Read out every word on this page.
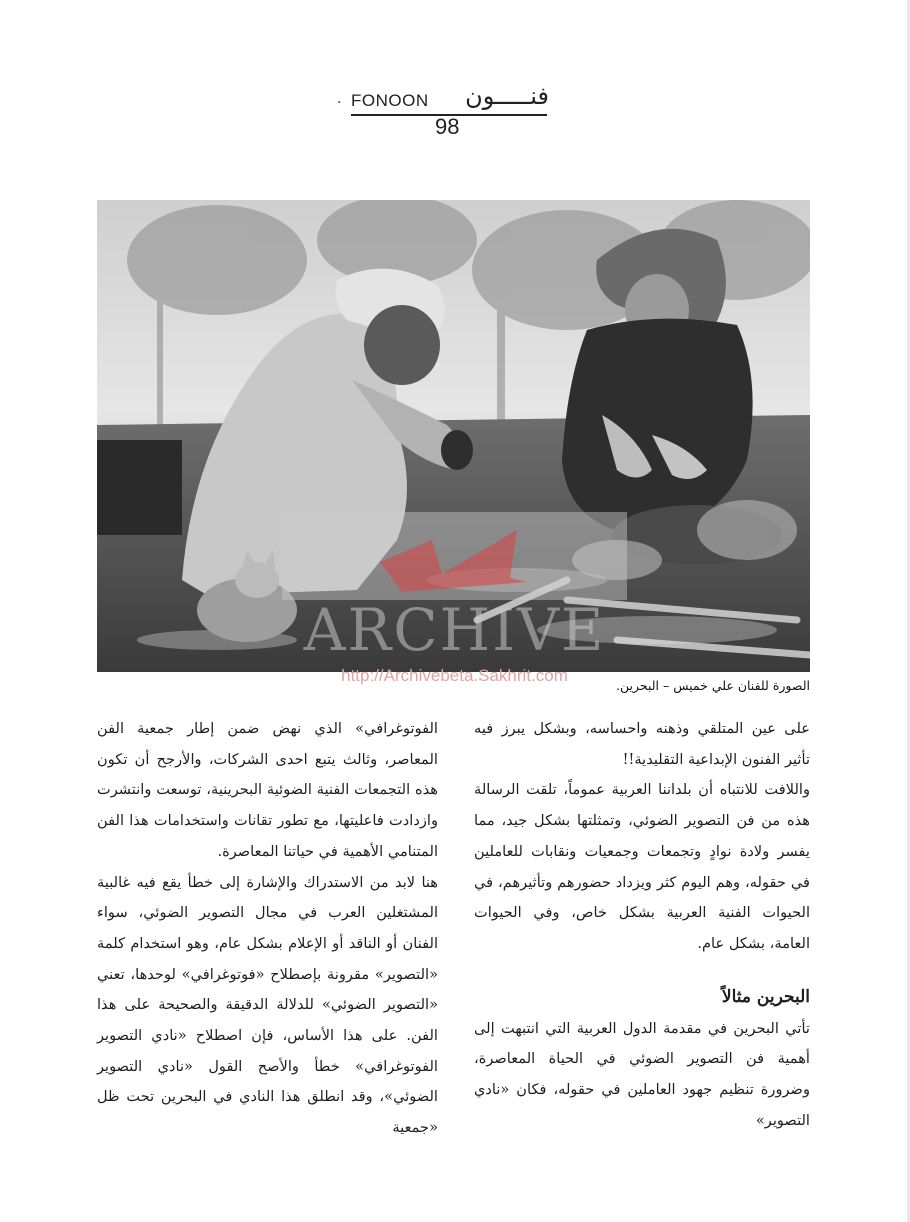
. FONOON فنـــــون
98
ARCHIVE
http://Archivebeta.Sakhrit.com
الصورة للفنان علي خميس – البحرين.

على عين المتلقي وذهنه واحساسه، وبشكل يبرز فيه تأثير الفنون الإبداعية التقليدية!!

واللافت للانتباه أن بلداننا العربية عموماً، تلقت الرسالة هذه من فن التصوير الضوئي، وتمثلتها بشكل جيد، مما يفسر ولادة نوادٍ وتجمعات وجمعيات ونقابات للعاملين في حقوله، وهم اليوم كثر ويزداد حضورهم وتأثيرهم، في الحيوات الفنية العربية بشكل خاص، وفي الحيوات العامة، بشكل عام.

البحرين مثالاً

تأتي البحرين في مقدمة الدول العربية التي انتبهت إلى أهمية فن التصوير الضوئي في الحياة المعاصرة، وضرورة تنظيم جهود العاملين في حقوله، فكان «نادي التصوير»

الفوتوغرافي» الذي نهض ضمن إطار جمعية الفن المعاصر، وثالث يتبع احدى الشركات، والأرجح أن تكون هذه التجمعات الفنية الضوئية البحرينية، توسعت وانتشرت وازدادت فاعليتها، مع تطور تقانات واستخدامات هذا الفن المتنامي الأهمية في حياتنا المعاصرة.

هنا لابد من الاستدراك والإشارة إلى خطأ يقع فيه غالبية المشتغلين العرب في مجال التصوير الضوئي، سواء الفنان أو الناقد أو الإعلام بشكل عام، وهو استخدام كلمة «التصوير» مقرونة بإصطلاح «فوتوغرافي» لوحدها، تعني «التصوير الضوئي» للدلالة الدقيقة والصحيحة على هذا الفن. على هذا الأساس، فإن اصطلاح «نادي التصوير الفوتوغرافي» خطأ والأصح القول «نادي التصوير الضوئي»، وقد انطلق هذا النادي في البحرين تحت ظل «جمعية
